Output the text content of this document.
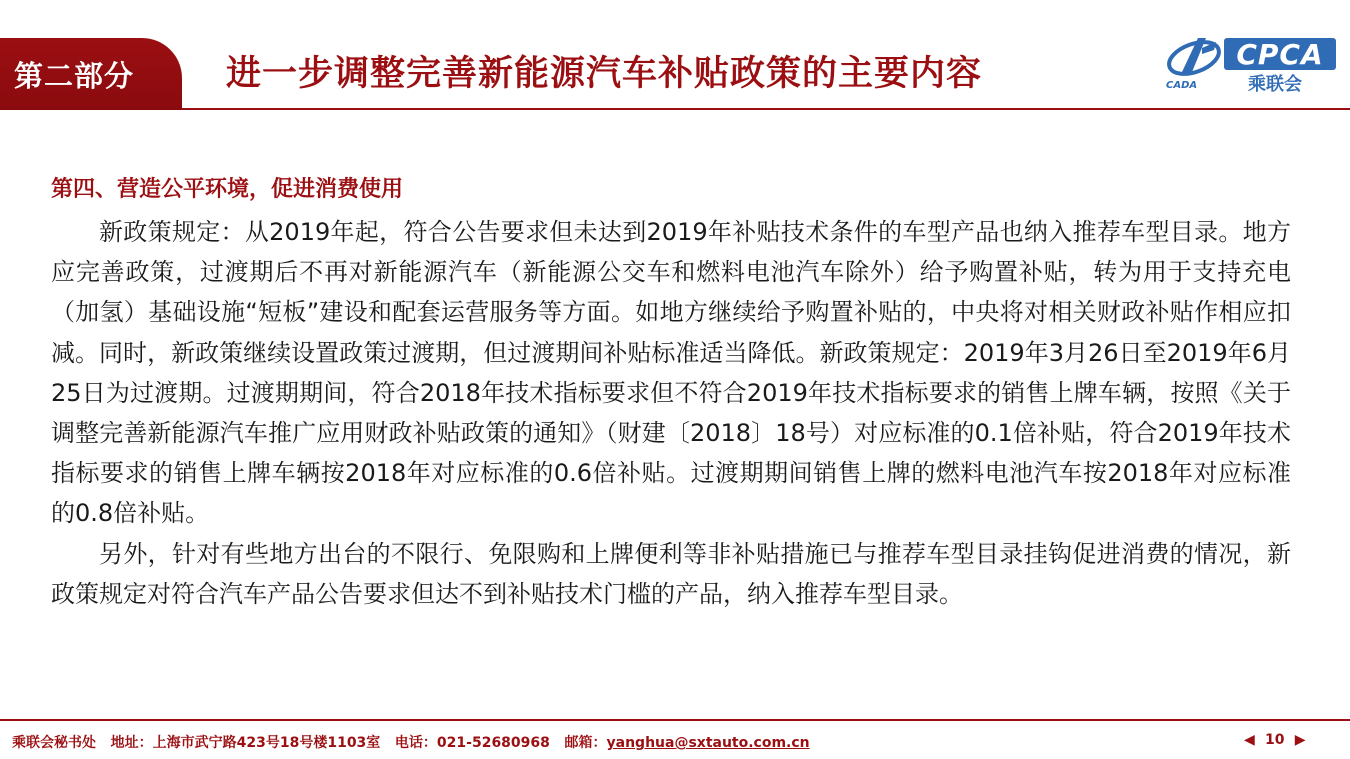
第二部分	进一步调整完善新能源汽车补贴政策的主要内容	CPCA
乘联会
CADA
第四、营造公平环境，促进消费使用

新政策规定：从2019年起，符合公告要求但未达到2019年补贴技术条件的车型产品也纳入推荐车型目录。地方应完善政策，过渡期后不再对新能源汽车（新能源公交车和燃料电池汽车除外）给予购置补贴，转为用于支持充电（加氢）基础设施“短板”建设和配套运营服务等方面。如地方继续给予购置补贴的，中央将对相关财政补贴作相应扣减。同时，新政策继续设置政策过渡期，但过渡期间补贴标准适当降低。新政策规定：2019年3月26日至2019年6月25日为过渡期。过渡期期间，符合2018年技术指标要求但不符合2019年技术指标要求的销售上牌车辆，按照《关于调整完善新能源汽车推广应用财政补贴政策的通知》（财建〔2018〕18号）对应标准的0.1倍补贴，符合2019年技术指标要求的销售上牌车辆按2018年对应标准的0.6倍补贴。过渡期期间销售上牌的燃料电池汽车按2018年对应标准的0.8倍补贴。

另外，针对有些地方出台的不限行、免限购和上牌便利等非补贴措施已与推荐车型目录挂钩促进消费的情况，新政策规定对符合汽车产品公告要求但达不到补贴技术门槛的产品，纳入推荐车型目录。

乘联会秘书处 地址：上海市武宁路423号18号楼1103室 电话：021-52680968 邮箱：yanghua@sxtauto.com.cn	◀ 10 ▶
